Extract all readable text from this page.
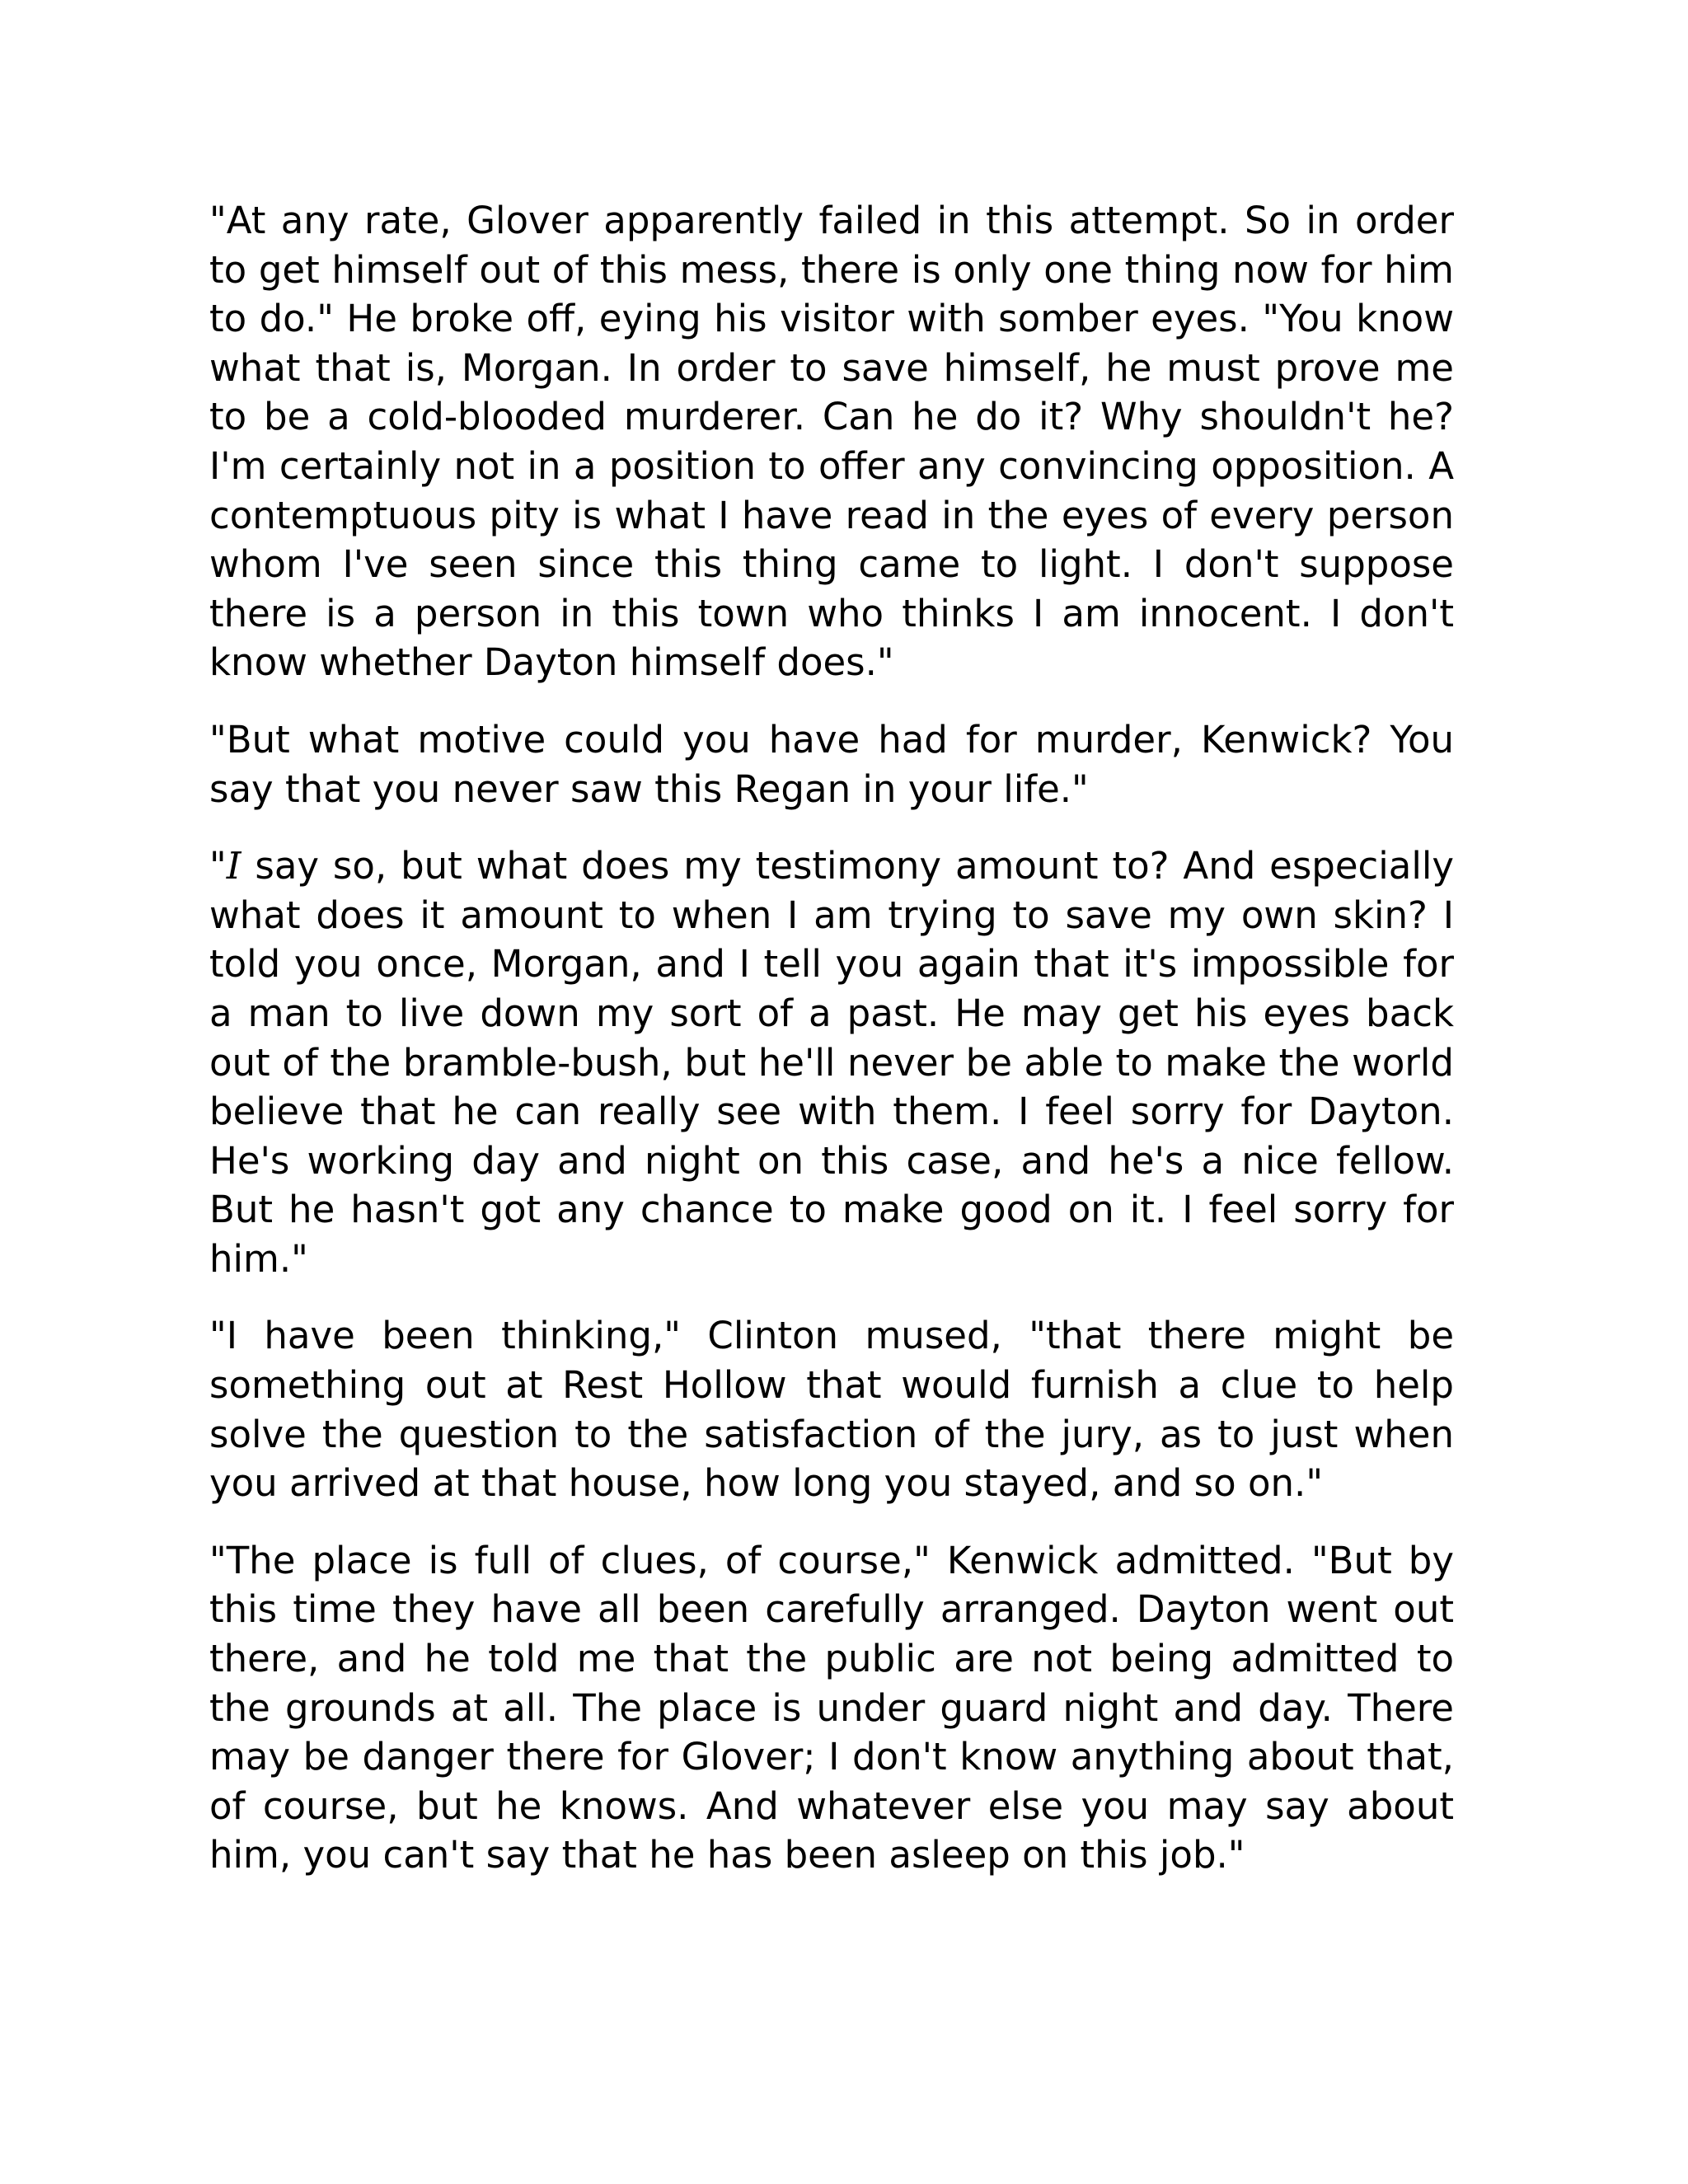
"At any rate, Glover apparently failed in this attempt. So in order to get himself out of this mess, there is only one thing now for him to do." He broke off, eying his visitor with somber eyes. "You know what that is, Morgan. In order to save himself, he must prove me to be a cold-blooded murderer. Can he do it? Why shouldn't he? I'm certainly not in a position to offer any convincing opposition. A contemptuous pity is what I have read in the eyes of every person whom I've seen since this thing came to light. I don't suppose there is a person in this town who thinks I am innocent. I don't know whether Dayton himself does."

"But what motive could you have had for murder, Kenwick? You say that you never saw this Regan in your life."

"I say so, but what does my testimony amount to? And especially what does it amount to when I am trying to save my own skin? I told you once, Morgan, and I tell you again that it's impossible for a man to live down my sort of a past. He may get his eyes back out of the bramble-bush, but he'll never be able to make the world believe that he can really see with them. I feel sorry for Dayton. He's working day and night on this case, and he's a nice fellow. But he hasn't got any chance to make good on it. I feel sorry for him."

"I have been thinking," Clinton mused, "that there might be something out at Rest Hollow that would furnish a clue to help solve the question to the satisfaction of the jury, as to just when you arrived at that house, how long you stayed, and so on."

"The place is full of clues, of course," Kenwick admitted. "But by this time they have all been carefully arranged. Dayton went out there, and he told me that the public are not being admitted to the grounds at all. The place is under guard night and day. There may be danger there for Glover; I don't know anything about that, of course, but he knows. And whatever else you may say about him, you can't say that he has been asleep on this job."
